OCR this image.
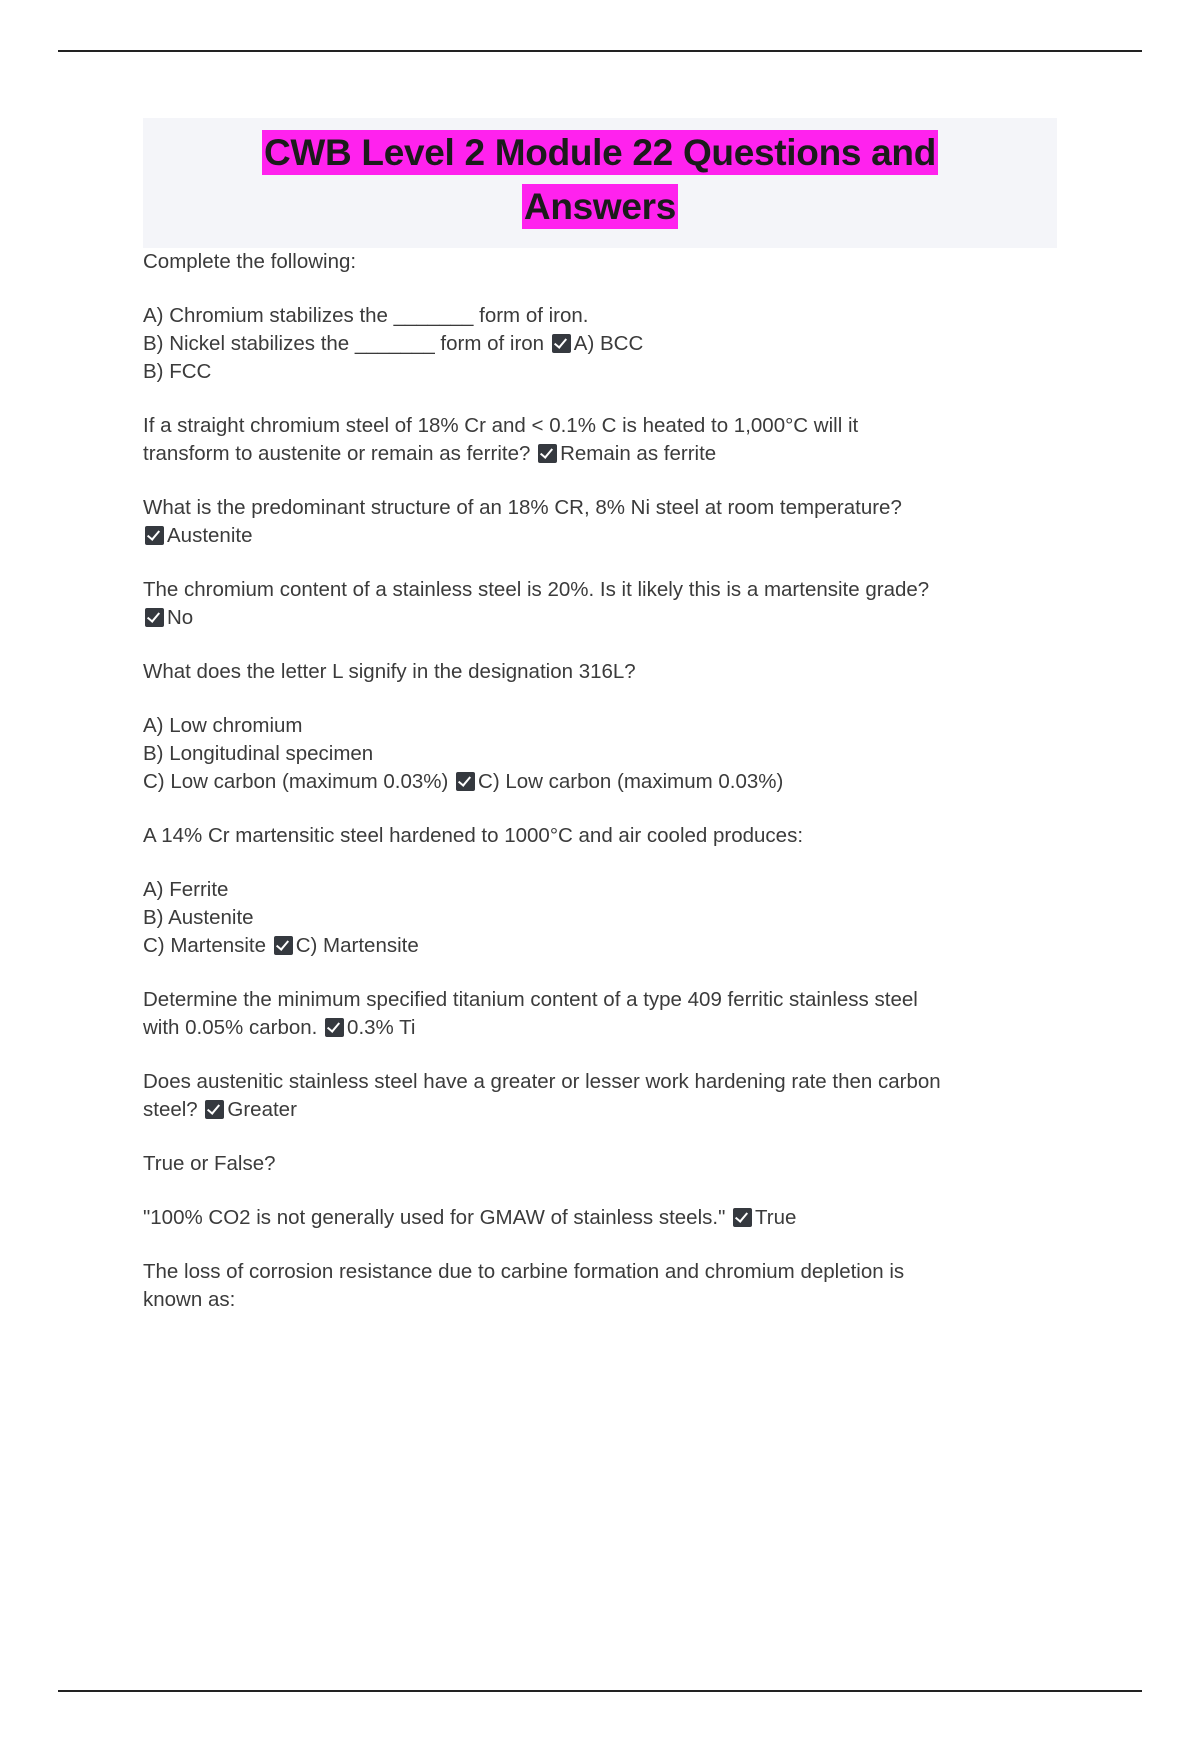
CWB Level 2 Module 22 Questions and
Answers
Complete the following:
A) Chromium stabilizes the _______ form of iron.
B) Nickel stabilizes the _______ form of iron A) BCC
B) FCC
If a straight chromium steel of 18% Cr and < 0.1% C is heated to 1,000°C will it
transform to austenite or remain as ferrite? Remain as ferrite
What is the predominant structure of an 18% CR, 8% Ni steel at room temperature?
Austenite
The chromium content of a stainless steel is 20%. Is it likely this is a martensite grade?
No
What does the letter L signify in the designation 316L?
A) Low chromium
B) Longitudinal specimen
C) Low carbon (maximum 0.03%) C) Low carbon (maximum 0.03%)
A 14% Cr martensitic steel hardened to 1000°C and air cooled produces:
A) Ferrite
B) Austenite
C) Martensite C) Martensite
Determine the minimum specified titanium content of a type 409 ferritic stainless steel
with 0.05% carbon. 0.3% Ti
Does austenitic stainless steel have a greater or lesser work hardening rate then carbon
steel? Greater
True or False?
"100% CO2 is not generally used for GMAW of stainless steels." True
The loss of corrosion resistance due to carbine formation and chromium depletion is
known as:
